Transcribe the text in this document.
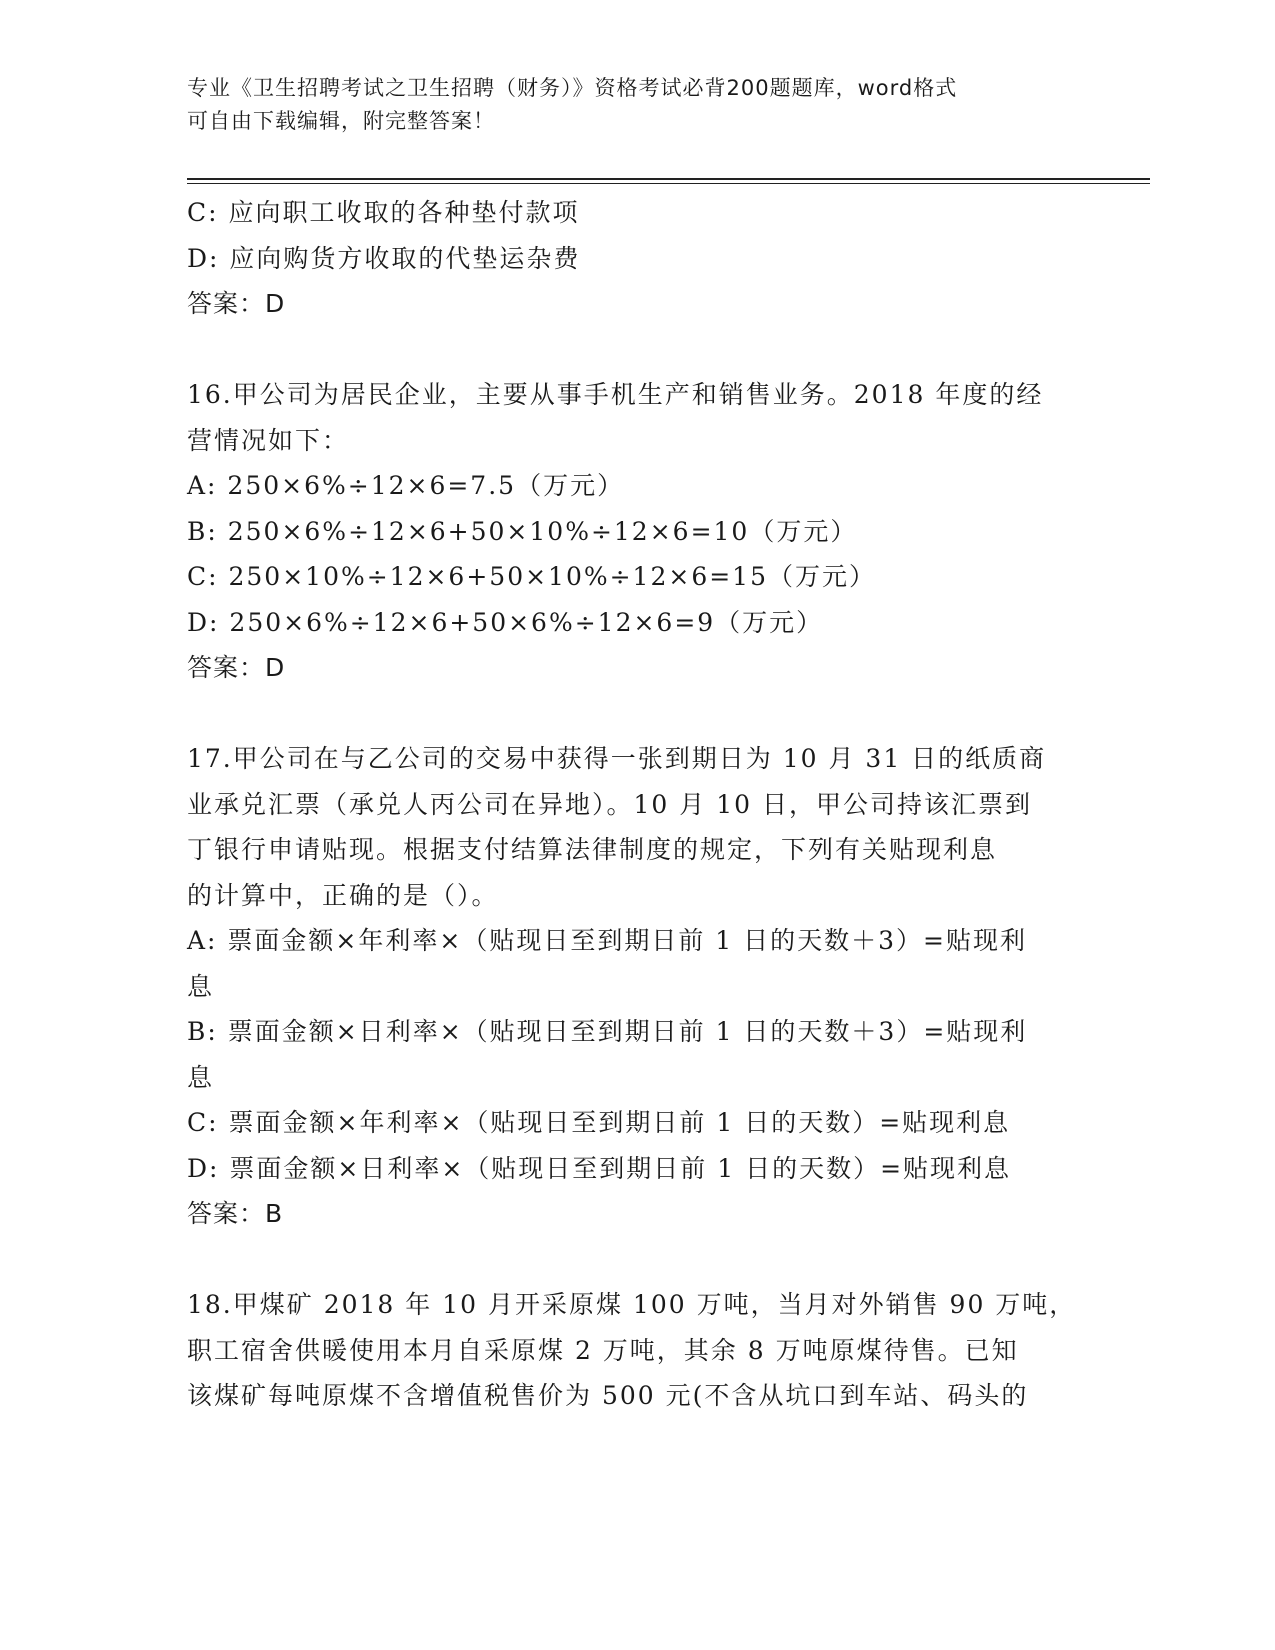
专业《卫生招聘考试之卫生招聘（财务）》资格考试必背200题题库，word格式
可自由下载编辑，附完整答案！
C: 应向职工收取的各种垫付款项
D: 应向购货方收取的代垫运杂费
答案：D
16.甲公司为居民企业，主要从事手机生产和销售业务。2018 年度的经
营情况如下：
A: 250×6%÷12×6=7.5（万元）
B: 250×6%÷12×6+50×10%÷12×6=10（万元）
C: 250×10%÷12×6+50×10%÷12×6=15（万元）
D: 250×6%÷12×6+50×6%÷12×6=9（万元）
答案：D
17.甲公司在与乙公司的交易中获得一张到期日为 10 月 31 日的纸质商
业承兑汇票（承兑人丙公司在异地）。10 月 10 日，甲公司持该汇票到
丁银行申请贴现。根据支付结算法律制度的规定，下列有关贴现利息
的计算中，正确的是（）。
A: 票面金额×年利率×（贴现日至到期日前 1 日的天数＋3）=贴现利
息
B: 票面金额×日利率×（贴现日至到期日前 1 日的天数＋3）=贴现利
息
C: 票面金额×年利率×（贴现日至到期日前 1 日的天数）=贴现利息
D: 票面金额×日利率×（贴现日至到期日前 1 日的天数）=贴现利息
答案：B
18.甲煤矿 2018 年 10 月开采原煤 100 万吨，当月对外销售 90 万吨，
职工宿舍供暖使用本月自采原煤 2 万吨，其余 8 万吨原煤待售。已知
该煤矿每吨原煤不含增值税售价为 500 元(不含从坑口到车站、码头的
